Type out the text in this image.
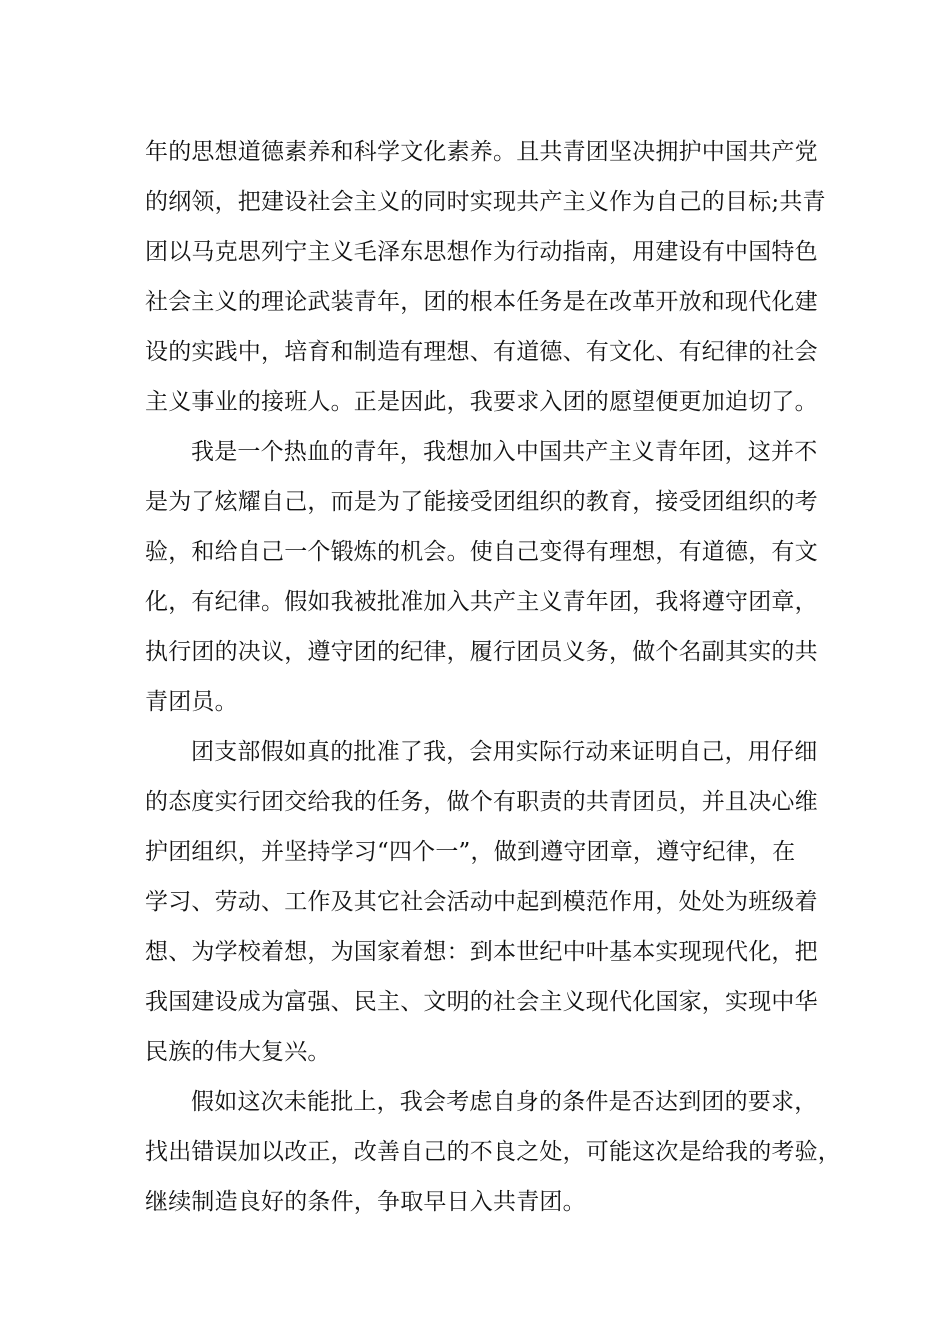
年的思想道德素养和科学文化素养。且共青团坚决拥护中国共产党
的纲领，把建设社会主义的同时实现共产主义作为自己的目标;共青
团以马克思列宁主义毛泽东思想作为行动指南，用建设有中国特色
社会主义的理论武装青年，团的根本任务是在改革开放和现代化建
设的实践中，培育和制造有理想、有道德、有文化、有纪律的社会
主义事业的接班人。正是因此，我要求入团的愿望便更加迫切了。
我是一个热血的青年，我想加入中国共产主义青年团，这并不
是为了炫耀自己，而是为了能接受团组织的教育，接受团组织的考
验，和给自己一个锻炼的机会。使自己变得有理想，有道德，有文
化，有纪律。假如我被批准加入共产主义青年团，我将遵守团章，
执行团的决议，遵守团的纪律，履行团员义务，做个名副其实的共
青团员。
团支部假如真的批准了我，会用实际行动来证明自己，用仔细
的态度实行团交给我的任务，做个有职责的共青团员，并且决心维
护团组织，并坚持学习“四个一”，做到遵守团章，遵守纪律，在
学习、劳动、工作及其它社会活动中起到模范作用，处处为班级着
想、为学校着想，为国家着想：到本世纪中叶基本实现现代化，把
我国建设成为富强、民主、文明的社会主义现代化国家，实现中华
民族的伟大复兴。
假如这次未能批上，我会考虑自身的条件是否达到团的要求，
找出错误加以改正，改善自己的不良之处，可能这次是给我的考验，
继续制造良好的条件，争取早日入共青团。
